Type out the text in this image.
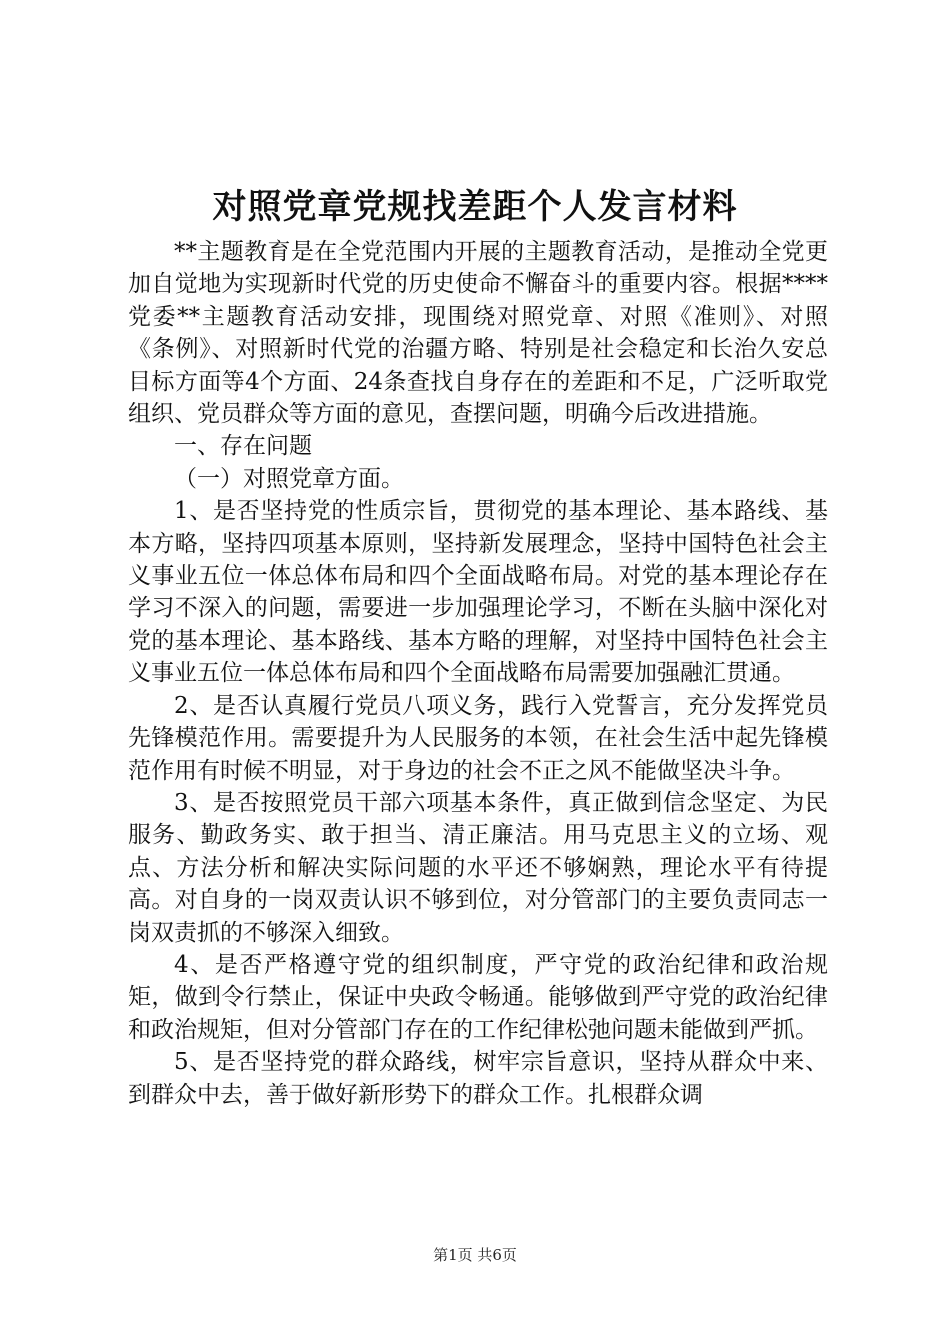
对照党章党规找差距个人发言材料

**主题教育是在全党范围内开展的主题教育活动，是推动全党更加自觉地为实现新时代党的历史使命不懈奋斗的重要内容。根据****党委**主题教育活动安排，现围绕对照党章、对照《准则》、对照《条例》、对照新时代党的治疆方略、特别是社会稳定和长治久安总目标方面等4个方面、24条查找自身存在的差距和不足，广泛听取党组织、党员群众等方面的意见，查摆问题，明确今后改进措施。

一、存在问题

（一）对照党章方面。

1、是否坚持党的性质宗旨，贯彻党的基本理论、基本路线、基本方略，坚持四项基本原则，坚持新发展理念，坚持中国特色社会主义事业五位一体总体布局和四个全面战略布局。对党的基本理论存在学习不深入的问题，需要进一步加强理论学习，不断在头脑中深化对党的基本理论、基本路线、基本方略的理解，对坚持中国特色社会主义事业五位一体总体布局和四个全面战略布局需要加强融汇贯通。

2、是否认真履行党员八项义务，践行入党誓言，充分发挥党员先锋模范作用。需要提升为人民服务的本领，在社会生活中起先锋模范作用有时候不明显，对于身边的社会不正之风不能做坚决斗争。

3、是否按照党员干部六项基本条件，真正做到信念坚定、为民服务、勤政务实、敢于担当、清正廉洁。用马克思主义的立场、观点、方法分析和解决实际问题的水平还不够娴熟，理论水平有待提高。对自身的一岗双责认识不够到位，对分管部门的主要负责同志一岗双责抓的不够深入细致。

4、是否严格遵守党的组织制度，严守党的政治纪律和政治规矩，做到令行禁止，保证中央政令畅通。能够做到严守党的政治纪律和政治规矩，但对分管部门存在的工作纪律松弛问题未能做到严抓。

5、是否坚持党的群众路线，树牢宗旨意识，坚持从群众中来、到群众中去，善于做好新形势下的群众工作。扎根群众调

第1页 共6页
